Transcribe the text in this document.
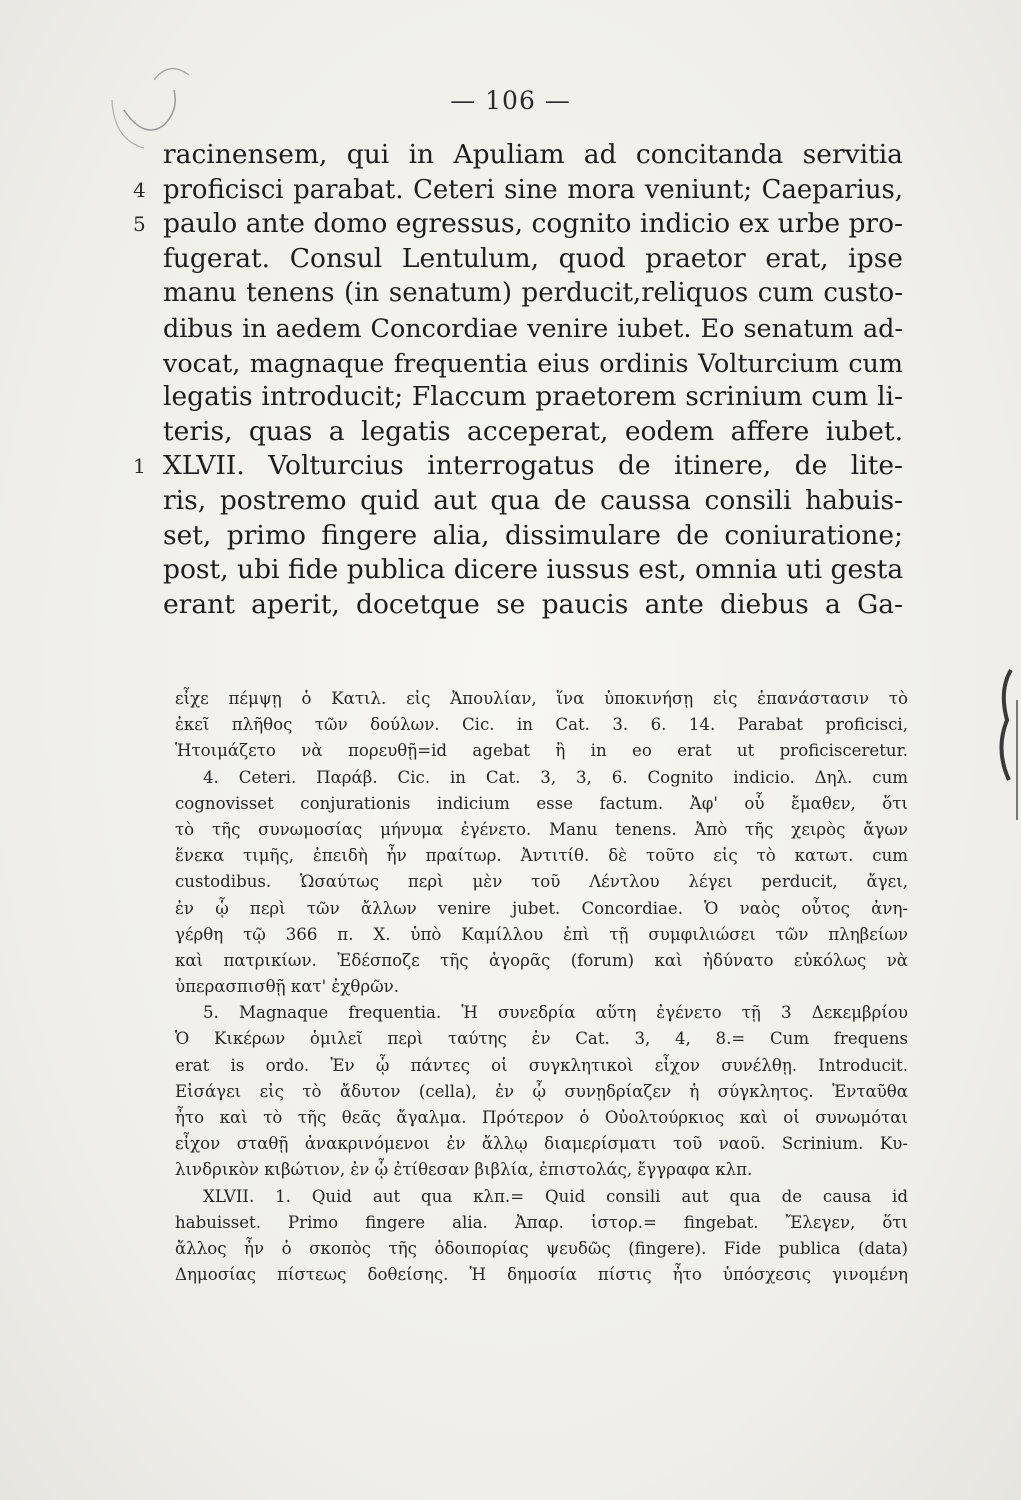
— 106 —
racinensem, qui in Apuliam ad concitanda servitia
4 proficisci parabat. Ceteri sine mora veniunt; Caeparius,
5 paulo ante domo egressus, cognito indicio ex urbe pro-
fugerat. Consul Lentulum, quod praetor erat, ipse
manu tenens (in senatum) perducit,reliquos cum custo-
dibus in aedem Concordiae venire iubet. Eo senatum ad-
vocat, magnaque frequentia eius ordinis Volturcium cum
legatis introducit; Flaccum praetorem scrinium cum li-
teris, quas a legatis acceperat, eodem affere iubet.
1 XLVII. Volturcius interrogatus de itinere, de lite-
ris, postremo quid aut qua de caussa consili habuis-
set, primo fingere alia, dissimulare de coniuratione;
post, ubi fide publica dicere iussus est, omnia uti gesta
erant aperit, docetque se paucis ante diebus a Ga-
εἶχε πέμψῃ ὁ Κατιλ. εἰς Ἀπουλίαν, ἵνα ὑποκινήσῃ εἰς ἐπανάστασιν τὸ
ἐκεῖ πλῆθος τῶν δούλων. Cic. in Cat. 3. 6. 14. Parabat proficisci,
Ἡτοιμάζετο νὰ πορευθῇ=id agebat ἢ in eo erat ut proficisceretur.
4. Ceteri. Παράβ. Cic. in Cat. 3, 3, 6. Cognito indicio. Δηλ. cum
cognovisset conjurationis indicium esse factum. Ἀφ' οὗ ἔμαθεν, ὅτι
τὸ τῆς συνωμοσίας μήνυμα ἐγένετο. Manu tenens. Ἀπὸ τῆς χειρὸς ἄγων
ἕνεκα τιμῆς, ἐπειδὴ ἦν πραίτωρ. Ἀντιτίθ. δὲ τοῦτο εἰς τὸ κατωτ. cum
custodibus. Ὡσαύτως περὶ μὲν τοῦ Λέντλου λέγει perducit, ἄγει,
ἐν ᾧ περὶ τῶν ἄλλων venire jubet. Concordiae. Ὁ ναὸς οὗτος ἀνη-
γέρθη τῷ 366 π. Χ. ὑπὸ Καμίλλου ἐπὶ τῇ συμφιλιώσει τῶν πληβείων
καὶ πατρικίων. Ἐδέσποζε τῆς ἀγορᾶς (forum) καὶ ἠδύνατο εὐκόλως νὰ
ὑπερασπισθῇ κατ' ἐχθρῶν.
5. Magnaque frequentia. Ἡ συνεδρία αὕτη ἐγένετο τῇ 3 Δεκεμβρίου
Ὁ Κικέρων ὁμιλεῖ περὶ ταύτης ἐν Cat. 3, 4, 8.= Cum frequens
erat is ordo. Ἐν ᾧ πάντες οἱ συγκλητικοὶ εἶχον συνέλθῃ. Introducit.
Εἰσάγει εἰς τὸ ἄδυτον (cella), ἐν ᾧ συνῃδρίαζεν ἡ σύγκλητος. Ἐνταῦθα
ἦτο καὶ τὸ τῆς θεᾶς ἄγαλμα. Πρότερον ὁ Οὐολτούρκιος καὶ οἱ συνωμόται
εἶχον σταθῇ ἀνακρινόμενοι ἐν ἄλλῳ διαμερίσματι τοῦ ναοῦ. Scrinium. Κυ-
λινδρικὸν κιβώτιον, ἐν ᾧ ἐτίθεσαν βιβλία, ἐπιστολάς, ἔγγραφα κλπ.
XLVII. 1. Quid aut qua κλπ.= Quid consili aut qua de causa id
habuisset. Primo fingere alia. Ἀπαρ. ἱστορ.= fingebat. Ἔλεγεν, ὅτι
ἄλλος ἦν ὁ σκοπὸς τῆς ὁδοιπορίας ψευδῶς (fingere). Fide publica (data)
Δημοσίας πίστεως δοθείσης. Ἡ δημοσία πίστις ἦτο ὑπόσχεσις γινομένη
